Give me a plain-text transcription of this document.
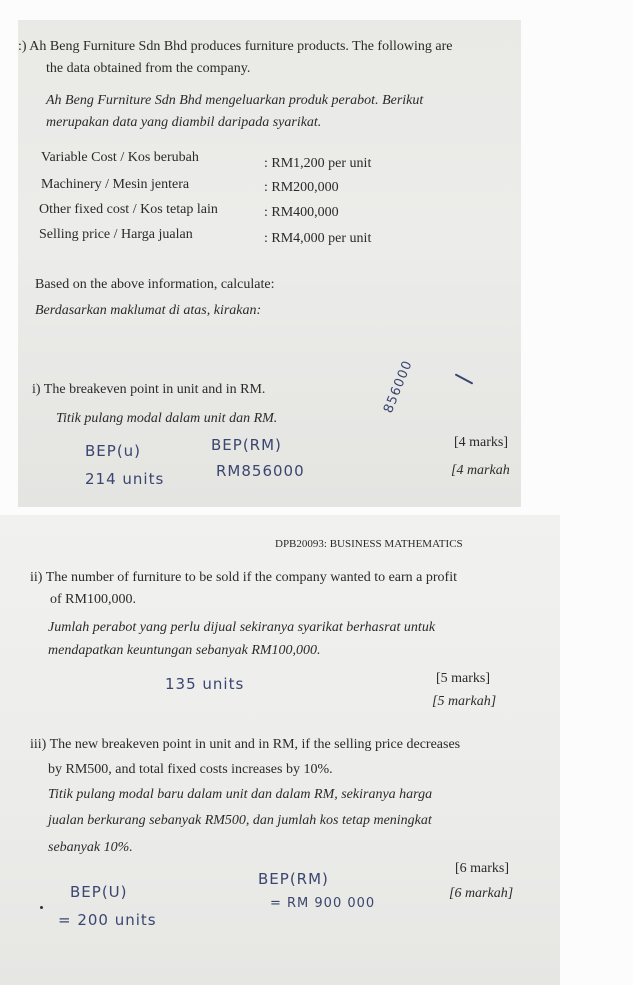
:) Ah Beng Furniture Sdn Bhd produces furniture products. The following are
the data obtained from the company.
Ah Beng Furniture Sdn Bhd mengeluarkan produk perabot. Berikut
merupakan data yang diambil daripada syarikat.
Variable Cost / Kos berubah	: RM1,200 per unit
Machinery / Mesin jentera	: RM200,000
Other fixed cost / Kos tetap lain	: RM400,000
Selling price / Harga jualan	: RM4,000 per unit
Based on the above information, calculate:
Berdasarkan maklumat di atas, kirakan:
i) The breakeven point in unit and in RM.
Titik pulang modal dalam unit dan RM.
856000
BEP(u)	BEP(RM)	[4 marks]
214 units	RM856000	[4 markah
DPB20093: BUSINESS MATHEMATICS
ii) The number of furniture to be sold if the company wanted to earn a profit
of RM100,000.
Jumlah perabot yang perlu dijual sekiranya syarikat berhasrat untuk
mendapatkan keuntungan sebanyak RM100,000.
[5 marks]
135 units
[5 markah]
iii) The new breakeven point in unit and in RM, if the selling price decreases
by RM500, and total fixed costs increases by 10%.
Titik pulang modal baru dalam unit dan dalam RM, sekiranya harga
jualan berkurang sebanyak RM500, dan jumlah kos tetap meningkat
sebanyak 10%.
[6 marks]
BEP(RM)
BEP(U)	[6 markah]
= RM 900 000
= 200 units
